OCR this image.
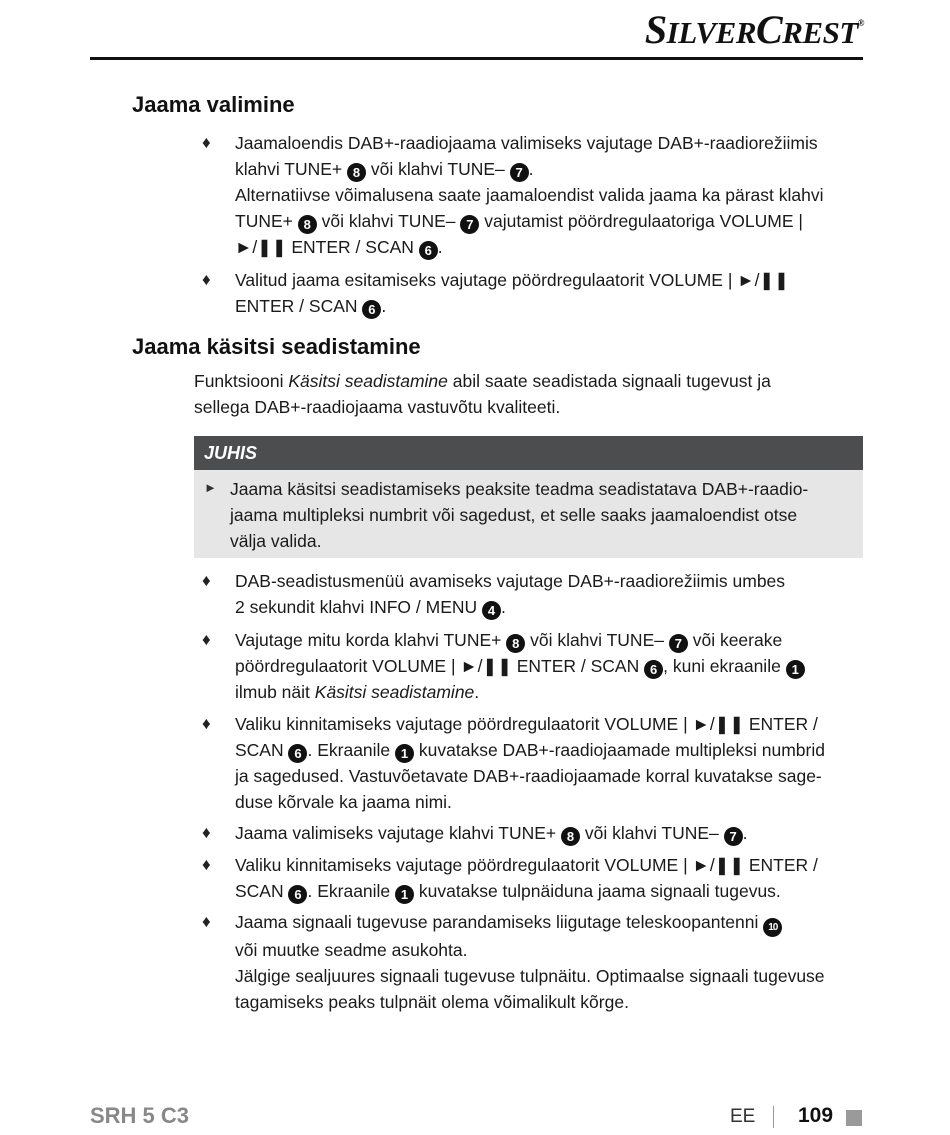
SILVERCREST®
Jaama valimine
♦ Jaamaloendis DAB+-raadiojaama valimiseks vajutage DAB+-raadiorežiimis
klahvi TUNE+ 8 või klahvi TUNE– 7 .
Alternatiivse võimalusena saate jaamaloendist valida jaama ka pärast klahvi
TUNE+ 8 või klahvi TUNE– 7 vajutamist pöördregulaatoriga VOLUME |
►/❚❚ ENTER / SCAN 6 .
♦ Valitud jaama esitamiseks vajutage pöördregulaatorit VOLUME | ►/❚❚
ENTER / SCAN 6 .
Jaama käsitsi seadistamine
Funktsiooni Käsitsi seadistamine abil saate seadistada signaali tugevust ja
sellega DAB+-raadiojaama vastuvõtu kvaliteeti.
JUHIS
► Jaama käsitsi seadistamiseks peaksite teadma seadistatava DAB+-raadio-
jaama multipleksi numbrit või sagedust, et selle saaks jaamaloendist otse
välja valida.
♦ DAB-seadistusmenüü avamiseks vajutage DAB+-raadiorežiimis umbes
2 sekundit klahvi INFO / MENU 4 .
♦ Vajutage mitu korda klahvi TUNE+ 8 või klahvi TUNE– 7 või keerake
pöördregulaatorit VOLUME | ►/❚❚ ENTER / SCAN 6 , kuni ekraanile 1
ilmub näit Käsitsi seadistamine.
♦ Valiku kinnitamiseks vajutage pöördregulaatorit VOLUME | ►/❚❚ ENTER /
SCAN 6 . Ekraanile 1 kuvatakse DAB+-raadiojaamade multipleksi numbrid
ja sagedused. Vastuvõetavate DAB+-raadiojaamade korral kuvatakse sage-
duse kõrvale ka jaama nimi.
♦ Jaama valimiseks vajutage klahvi TUNE+ 8 või klahvi TUNE– 7 .
♦ Valiku kinnitamiseks vajutage pöördregulaatorit VOLUME | ►/❚❚ ENTER /
SCAN 6 . Ekraanile 1 kuvatakse tulpnäiduna jaama signaali tugevus.
♦ Jaama signaali tugevuse parandamiseks liigutage teleskoopantenni 10
või muutke seadme asukohta.
Jälgige sealjuures signaali tugevuse tulpnäitu. Optimaalse signaali tugevuse
tagamiseks peaks tulpnäit olema võimalikult kõrge.
SRH 5 C3	EE 109
